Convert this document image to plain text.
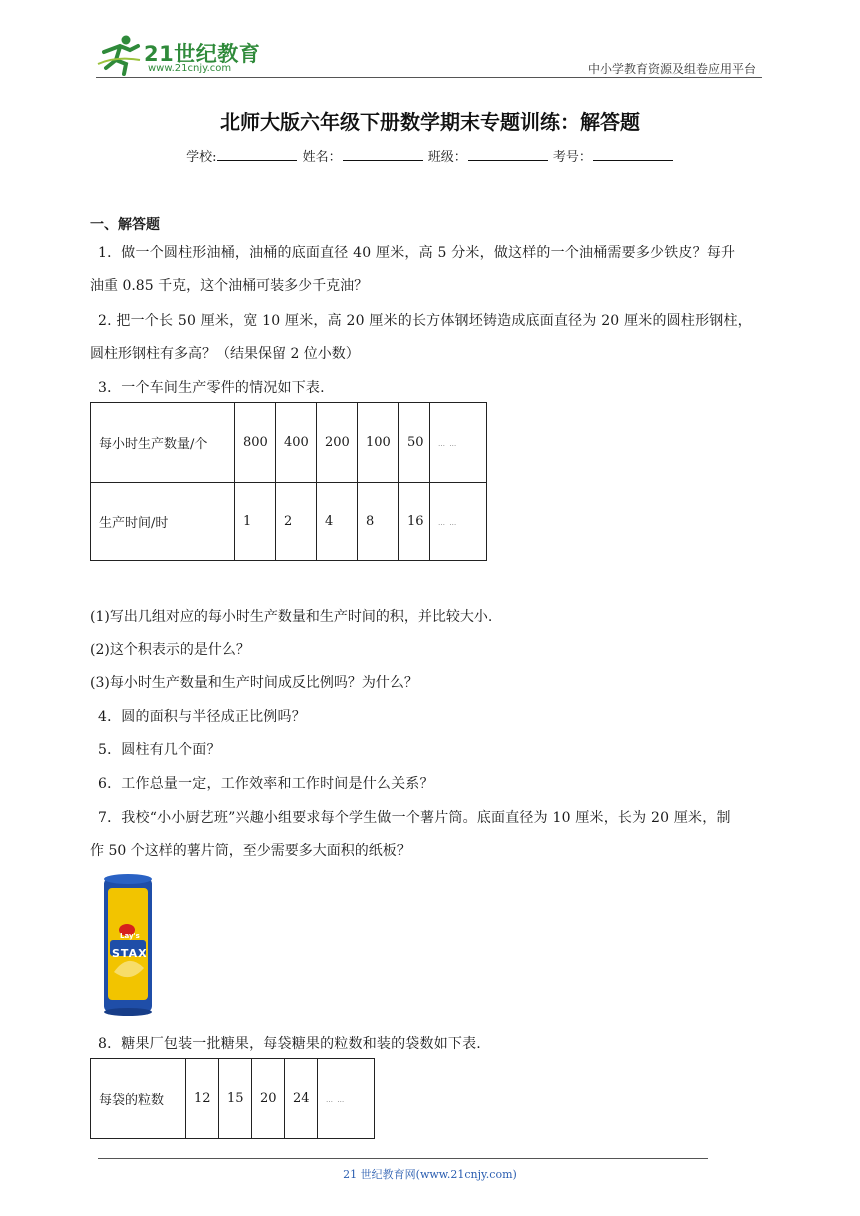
21世纪教育
www.21cnjy.com	中小学教育资源及组卷应用平台
北师大版六年级下册数学期末专题训练：解答题
学校:	姓名：	班级：	考号：
一、解答题
1．做一个圆柱形油桶，油桶的底面直径 40 厘米，高 5 分米，做这样的一个油桶需要多少铁皮？每升
油重 0.85 千克，这个油桶可装多少千克油？
2. 把一个长 50 厘米，宽 10 厘米，高 20 厘米的长方体钢坯铸造成底面直径为 20 厘米的圆柱形钢柱，
圆柱形钢柱有多高？（结果保留 2 位小数）
3．一个车间生产零件的情况如下表.
每小时生产数量/个	800	400	200	100	50	… …
生产时间/时	1	2	4	8	16	… …
(1)写出几组对应的每小时生产数量和生产时间的积，并比较大小.
(2)这个积表示的是什么？
(3)每小时生产数量和生产时间成反比例吗？为什么？
4．圆的面积与半径成正比例吗？
5．圆柱有几个面？
6．工作总量一定，工作效率和工作时间是什么关系？
7．我校“小小厨艺班”兴趣小组要求每个学生做一个薯片筒。底面直径为 10 厘米，长为 20 厘米，制
作 50 个这样的薯片筒，至少需要多大面积的纸板？
Lay's
STAX
8．糖果厂包装一批糖果，每袋糖果的粒数和装的袋数如下表.
每袋的粒数	12	15	20	24	… …
21 世纪教育网(www.21cnjy.com)
